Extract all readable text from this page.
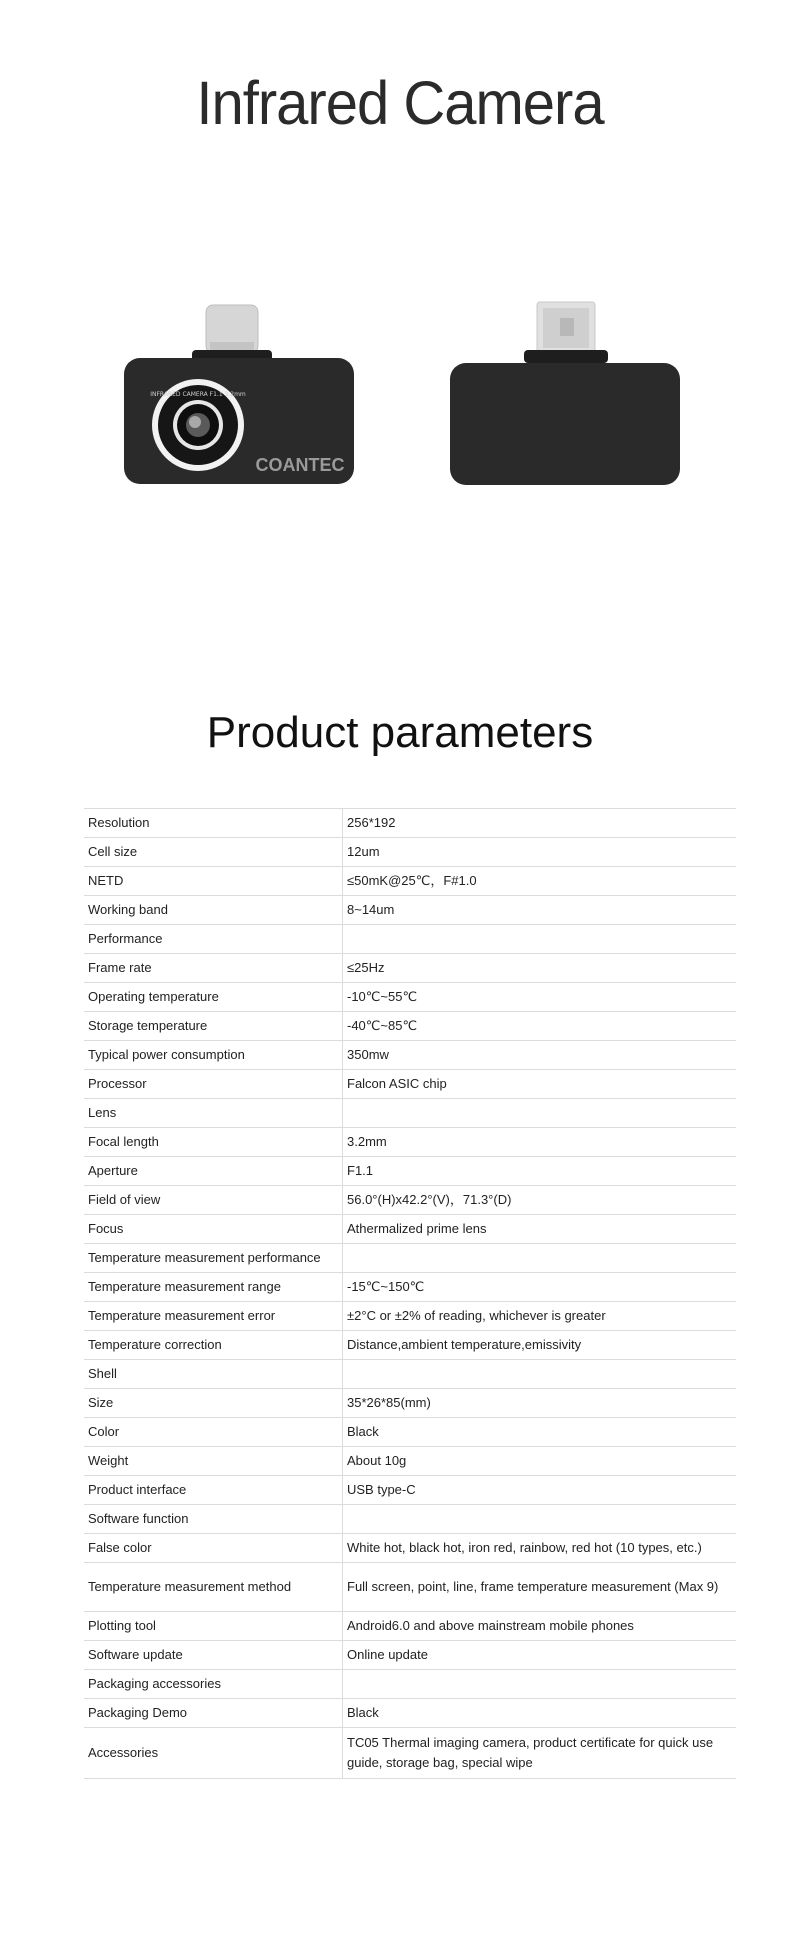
Infrared Camera
INFRARED CAMERA F1.1 3.2mm
COANTEC
Product parameters
Resolution	256*192
Cell size	12um
NETD	≤50mK@25℃，F#1.0
Working band	8~14um
Performance	
Frame rate	≤25Hz
Operating temperature	-10℃~55℃
Storage temperature	-40℃~85℃
Typical power consumption	350mw
Processor	Falcon ASIC chip
Lens	
Focal length	3.2mm
Aperture	F1.1
Field of view	56.0°(H)x42.2°(V)，71.3°(D)
Focus	Athermalized prime lens
Temperature measurement performance	
Temperature measurement range	-15℃~150℃
Temperature measurement error	±2°C or ±2% of reading, whichever is greater
Temperature correction	Distance,ambient temperature,emissivity
Shell	
Size	35*26*85(mm)
Color	Black
Weight	About 10g
Product interface	USB type-C
Software function	
False color	White hot, black hot, iron red, rainbow, red hot (10 types, etc.)
Temperature measurement method	Full screen, point, line, frame temperature measurement (Max 9)
Plotting tool	Android6.0 and above mainstream mobile phones
Software update	Online update
Packaging accessories	
Packaging Demo	Black
Accessories	TC05 Thermal imaging camera, product certificate for quick use guide, storage bag, special wipe
